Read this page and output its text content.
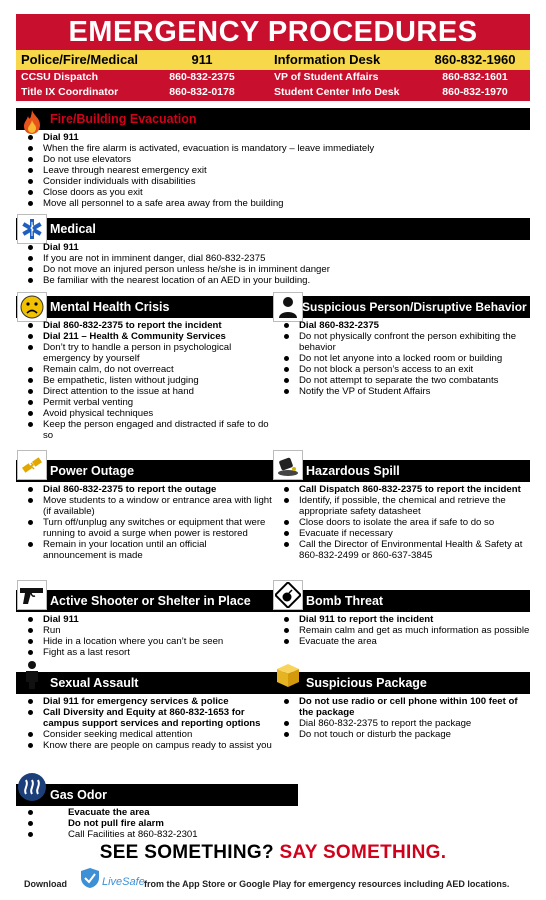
EMERGENCY PROCEDURES
Police/Fire/Medical	911	Information Desk	860-832-1960
CCSU Dispatch	860-832-2375	VP of Student Affairs	860-832-1601
Title IX Coordinator	860-832-0178	Student Center Info Desk	860-832-1970
Fire/Building Evacuation
Dial 911
When the fire alarm is activated, evacuation is mandatory – leave immediately
Do not use elevators
Leave through nearest emergency exit
Consider individuals with disabilities
Close doors as you exit
Move all personnel to a safe area away from the building
Medical
Dial 911
If you are not in imminent danger, dial 860-832-2375
Do not move an injured person unless he/she is in imminent danger
Be familiar with the nearest location of an AED in your building.
Mental Health Crisis
Dial 860-832-2375 to report the incident
Dial 211 – Health & Community Services
Don’t try to handle a person in psychological emergency by yourself
Remain calm, do not overreact
Be empathetic, listen without judging
Direct attention to the issue at hand
Permit verbal venting
Avoid physical techniques
Keep the person engaged and distracted if safe to do so
Suspicious Person/Disruptive Behavior
Dial 860-832-2375
Do not physically confront the person exhibiting the behavior
Do not let anyone into a locked room or building
Do not block a person’s access to an exit
Do not attempt to separate the two combatants
Notify the VP of Student Affairs
Power Outage
Dial 860-832-2375 to report the outage
Move students to a window or entrance area with light (if available)
Turn off/unplug any switches or equipment that were running to avoid a surge when power is restored
Remain in your location until an official announcement is made
Hazardous Spill
Call Dispatch 860-832-2375 to report the incident
Identify, if possible, the chemical and retrieve the appropriate safety datasheet
Close doors to isolate the area if safe to do so
Evacuate if necessary
Call the Director of Environmental Health & Safety at 860-832-2499 or 860-637-3845
Active Shooter or Shelter in Place
Dial 911
Run
Hide in a location where you can’t be seen
Fight as a last resort
Bomb Threat
Dial 911 to report the incident
Remain calm and get as much information as possible
Evacuate the area
Sexual Assault
Dial 911 for emergency services & police
Call Diversity and Equity at 860-832-1653 for campus support services and reporting options
Consider seeking medical attention
Know there are people on campus ready to assist you
Suspicious Package
Do not use radio or cell phone within 100 feet of the package
Dial 860-832-2375 to report the package
Do not touch or disturb the package
Gas Odor
Evacuate the area
Do not pull fire alarm
Call Facilities at 860-832-2301
SEE SOMETHING? SAY SOMETHING.
Download	LiveSafe from the App Store or Google Play for emergency resources including AED locations.
